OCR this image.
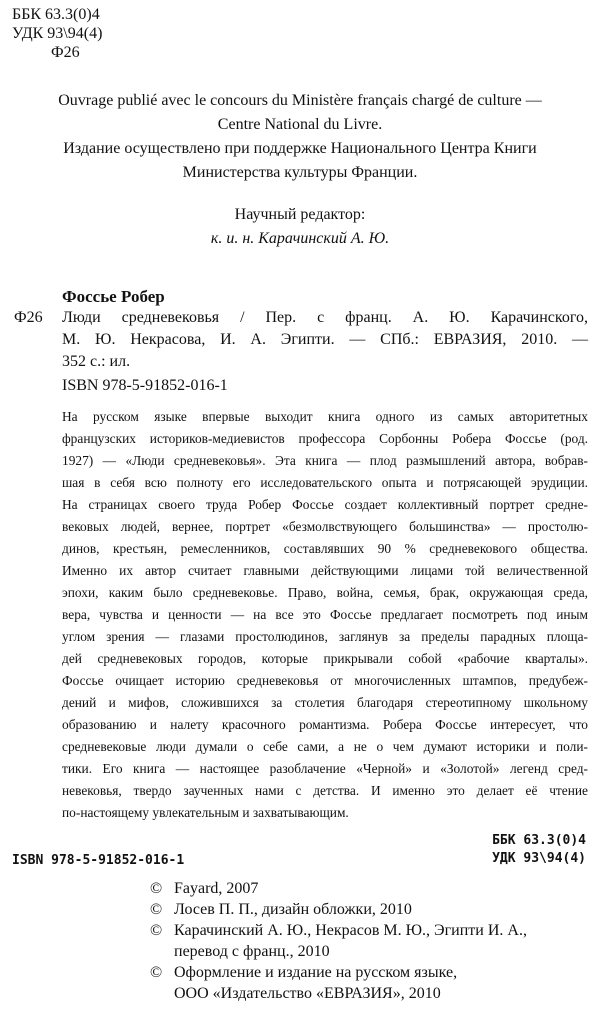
ББК 63.3(0)4
УДК 93\94(4)
Ф26
Ouvrage publié avec le concours du Ministère français chargé de culture —
Centre National du Livre.
Издание осуществлено при поддержке Национального Центра Книги
Министерства культуры Франции.
Научный редактор:
к. и. н. Карачинский А. Ю.
Фоссье Робер
Ф26 Люди средневековья / Пер. с франц. А. Ю. Карачинского,
М. Ю. Некрасова, И. А. Эгипти. — СПб.: ЕВРАЗИЯ, 2010. —
352 с.: ил.
ISBN 978-5-91852-016-1
На русском языке впервые выходит книга одного из самых авторитетных
французских историков-медиевистов профессора Сорбонны Робера Фоссье (род.
1927) — «Люди средневековья». Эта книга — плод размышлений автора, вобрав-
шая в себя всю полноту его исследовательского опыта и потрясающей эрудиции.
На страницах своего труда Робер Фоссье создает коллективный портрет средне-
вековых людей, вернее, портрет «безмолвствующего большинства» — простолю-
динов, крестьян, ремесленников, составлявших 90 % средневекового общества.
Именно их автор считает главными действующими лицами той величественной
эпохи, каким было средневековье. Право, война, семья, брак, окружающая среда,
вера, чувства и ценности — на все это Фоссье предлагает посмотреть под иным
углом зрения — глазами простолюдинов, заглянув за пределы парадных площа-
дей средневековых городов, которые прикрывали собой «рабочие кварталы».
Фоссье очищает историю средневековья от многочисленных штампов, предубеж-
дений и мифов, сложившихся за столетия благодаря стереотипному школьному
образованию и налету красочного романтизма. Робера Фоссье интересует, что
средневековые люди думали о себе сами, а не о чем думают историки и поли-
тики. Его книга — настоящее разоблачение «Черной» и «Золотой» легенд сред-
невековья, твердо заученных нами с детства. И именно это делает её чтение
по-настоящему увлекательным и захватывающим.
ББК 63.3(0)4
УДК 93\94(4)
ISBN 978-5-91852-016-1
© Fayard, 2007
© Лосев П. П., дизайн обложки, 2010
© Карачинский А. Ю., Некрасов М. Ю., Эгипти И. А.,
перевод с франц., 2010
© Оформление и издание на русском языке,
ООО «Издательство «ЕВРАЗИЯ», 2010
